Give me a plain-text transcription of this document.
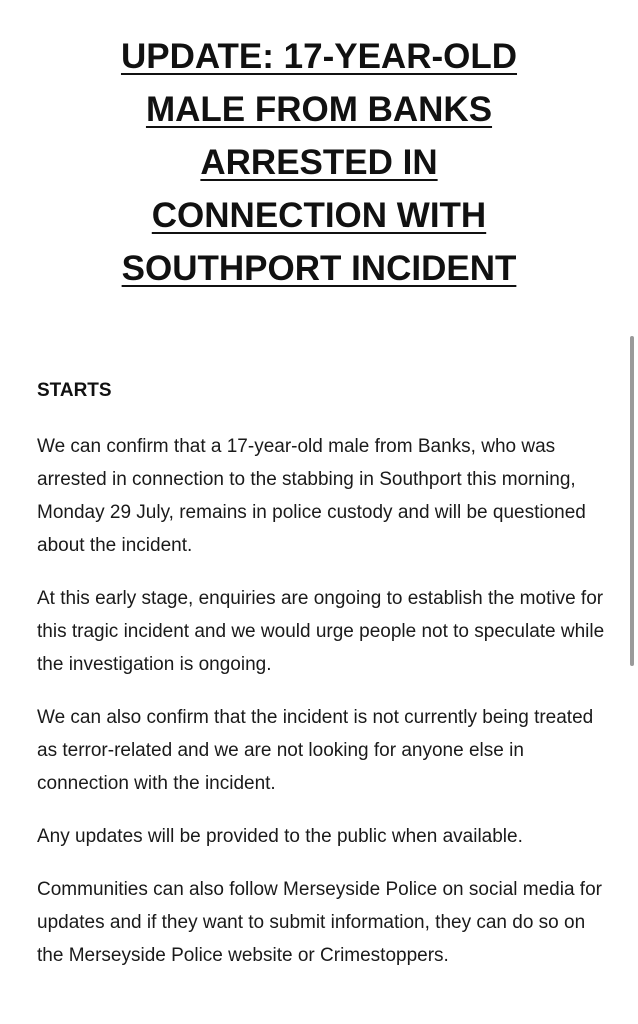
UPDATE: 17-YEAR-OLD
MALE FROM BANKS
ARRESTED IN
CONNECTION WITH
SOUTHPORT INCIDENT

STARTS

We can confirm that a 17-year-old male from Banks, who was arrested in connection to the stabbing in Southport this morning, Monday 29 July, remains in police custody and will be questioned about the incident.

At this early stage, enquiries are ongoing to establish the motive for this tragic incident and we would urge people not to speculate while the investigation is ongoing.

We can also confirm that the incident is not currently being treated as terror-related and we are not looking for anyone else in connection with the incident.

Any updates will be provided to the public when available.

Communities can also follow Merseyside Police on social media for updates and if they want to submit information, they can do so on the Merseyside Police website or Crimestoppers.
